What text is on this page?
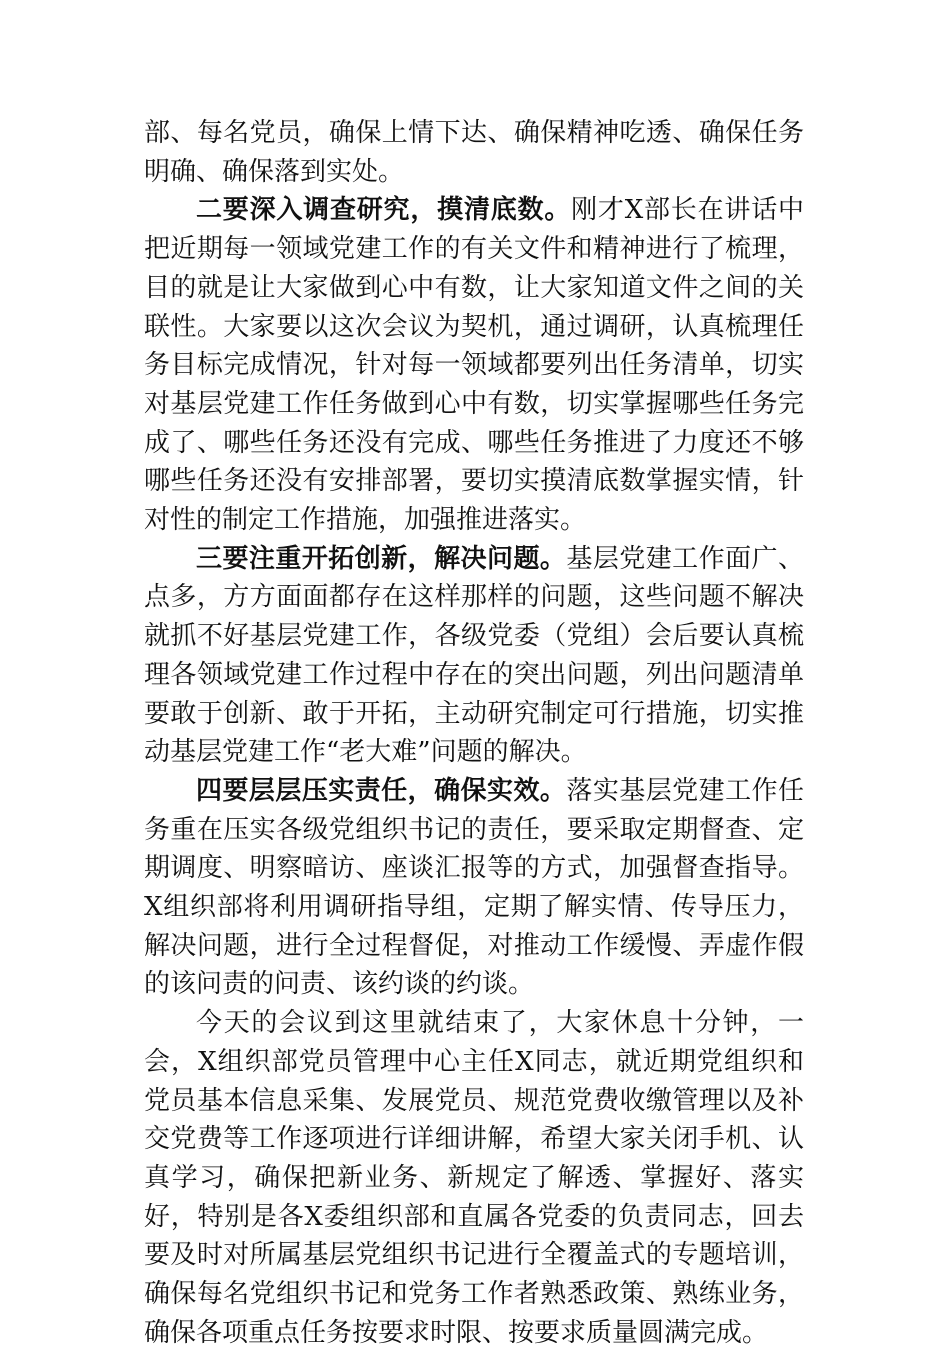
部、每名党员，确保上情下达、确保精神吃透、确保任务明确、确保落到实处。

二要深入调查研究，摸清底数。刚才X部长在讲话中把近期每一领域党建工作的有关文件和精神进行了梳理，目的就是让大家做到心中有数，让大家知道文件之间的关联性。大家要以这次会议为契机，通过调研，认真梳理任务目标完成情况，针对每一领域都要列出任务清单，切实对基层党建工作任务做到心中有数，切实掌握哪些任务完成了、哪些任务还没有完成、哪些任务推进了力度还不够哪些任务还没有安排部署，要切实摸清底数掌握实情，针对性的制定工作措施，加强推进落实。

三要注重开拓创新，解决问题。基层党建工作面广、点多，方方面面都存在这样那样的问题，这些问题不解决就抓不好基层党建工作，各级党委（党组）会后要认真梳理各领域党建工作过程中存在的突出问题，列出问题清单要敢于创新、敢于开拓，主动研究制定可行措施，切实推动基层党建工作“老大难”问题的解决。

四要层层压实责任，确保实效。落实基层党建工作任务重在压实各级党组织书记的责任，要采取定期督查、定期调度、明察暗访、座谈汇报等的方式，加强督查指导。X组织部将利用调研指导组，定期了解实情、传导压力，解决问题，进行全过程督促，对推动工作缓慢、弄虚作假的该问责的问责、该约谈的约谈。

今天的会议到这里就结束了，大家休息十分钟，一会，X组织部党员管理中心主任X同志，就近期党组织和党员基本信息采集、发展党员、规范党费收缴管理以及补交党费等工作逐项进行详细讲解，希望大家关闭手机、认真学习，确保把新业务、新规定了解透、掌握好、落实好，特别是各X委组织部和直属各党委的负责同志，回去要及时对所属基层党组织书记进行全覆盖式的专题培训，确保每名党组织书记和党务工作者熟悉政策、熟练业务，确保各项重点任务按要求时限、按要求质量圆满完成。
